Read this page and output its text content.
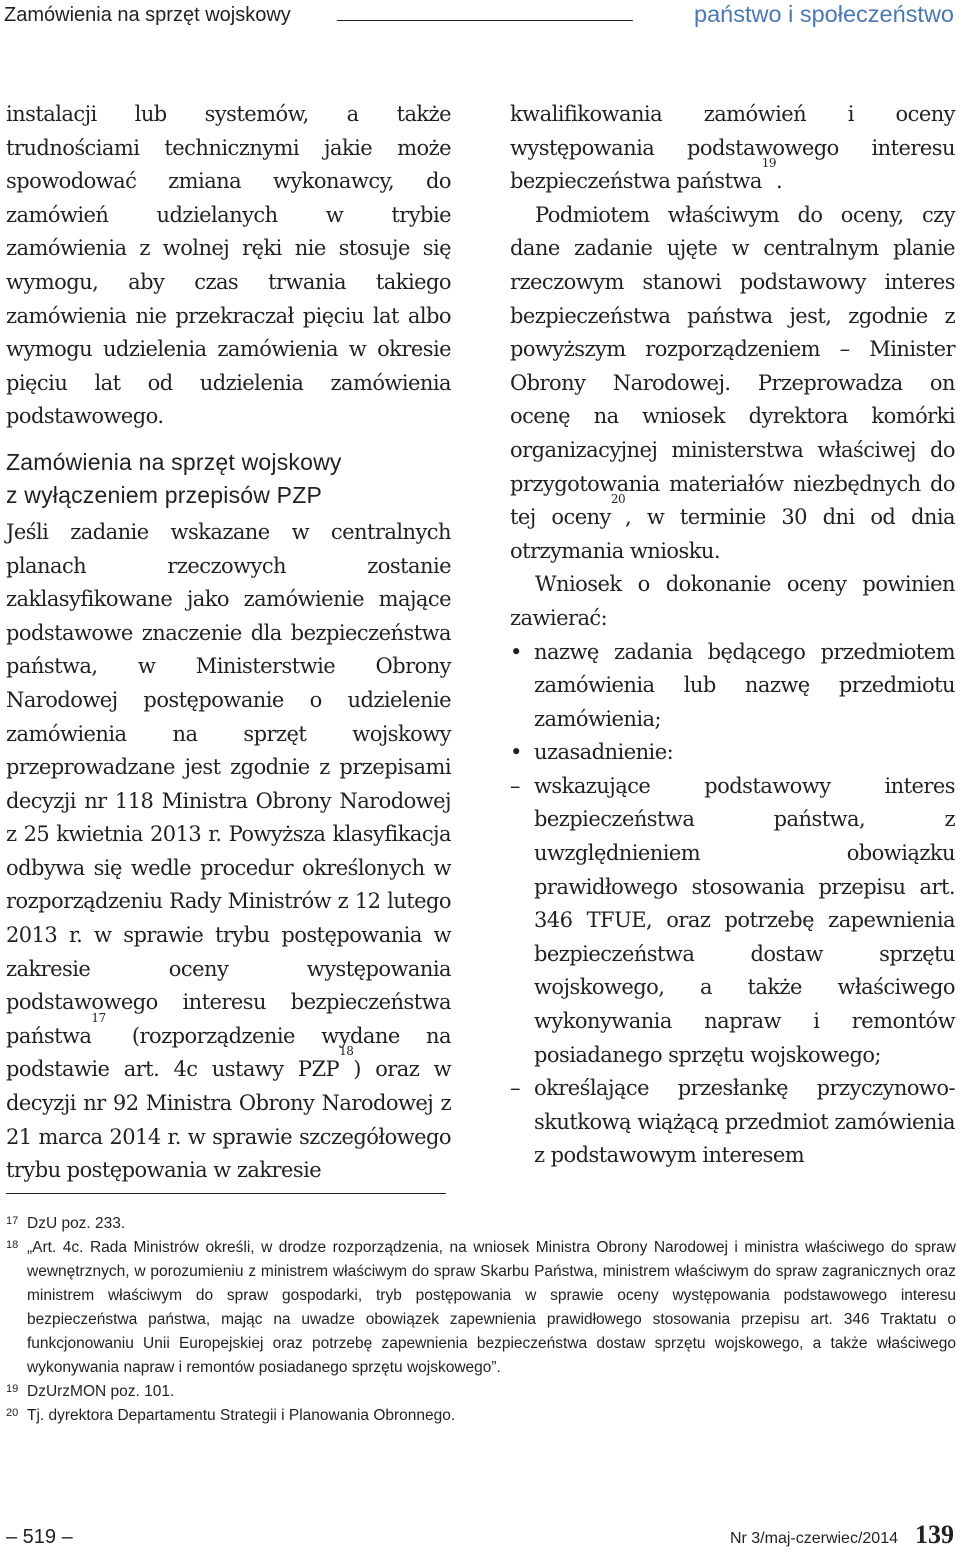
Zamówienia na sprzęt wojskowy	państwo i społeczeństwo

instalacji lub systemów, a także trudnościami technicznymi jakie może spowodować zmiana wykonawcy, do zamówień udzielanych w trybie zamówienia z wolnej ręki nie stosuje się wymogu, aby czas trwania takiego zamówienia nie przekraczał pięciu lat albo wymogu udzielenia zamówienia w okresie pięciu lat od udzielenia zamówienia podstawowego.

Zamówienia na sprzęt wojskowy
z wyłączeniem przepisów PZP

Jeśli zadanie wskazane w centralnych planach rzeczowych zostanie zaklasyfikowane jako zamówienie mające podstawowe znaczenie dla bezpieczeństwa państwa, w Ministerstwie Obrony Narodowej postępowanie o udzielenie zamówienia na sprzęt wojskowy przeprowadzane jest zgodnie z przepisami decyzji nr 118 Ministra Obrony Narodowej z 25 kwietnia 2013 r. Powyższa klasyfikacja odbywa się wedle procedur określonych w rozporządzeniu Rady Ministrów z 12 lutego 2013 r. w sprawie trybu postępowania w zakresie oceny występowania podstawowego interesu bezpieczeństwa państwa$^{17}$ (rozporządzenie wydane na podstawie art. 4c ustawy PZP$^{18}$) oraz w decyzji nr 92 Ministra Obrony Narodowej z 21 marca 2014 r. w sprawie szczegółowego trybu postępowania w zakresie

kwalifikowania zamówień i oceny występowania podstawowego interesu bezpieczeństwa państwa$^{19}$.

Podmiotem właściwym do oceny, czy dane zadanie ujęte w centralnym planie rzeczowym stanowi podstawowy interes bezpieczeństwa państwa jest, zgodnie z powyższym rozporządzeniem – Minister Obrony Narodowej. Przeprowadza on ocenę na wniosek dyrektora komórki organizacyjnej ministerstwa właściwej do przygotowania materiałów niezbędnych do tej oceny$^{20}$, w terminie 30 dni od dnia otrzymania wniosku.

Wniosek o dokonanie oceny powinien zawierać:

• nazwę zadania będącego przedmiotem zamówienia lub nazwę przedmiotu zamówienia;
• uzasadnienie:
– wskazujące podstawowy interes bezpieczeństwa państwa, z uwzględnieniem obowiązku prawidłowego stosowania przepisu art. 346 TFUE, oraz potrzebę zapewnienia bezpieczeństwa dostaw sprzętu wojskowego, a także właściwego wykonywania napraw i remontów posiadanego sprzętu wojskowego;
– określające przesłankę przyczynowo-skutkową wiążącą przedmiot zamówienia z podstawowym interesem
17 DzU poz. 233.
18 „Art. 4c. Rada Ministrów określi, w drodze rozporządzenia, na wniosek Ministra Obrony Narodowej i ministra właściwego do spraw wewnętrznych, w porozumieniu z ministrem właściwym do spraw Skarbu Państwa, ministrem właściwym do spraw zagranicznych oraz ministrem właściwym do spraw gospodarki, tryb postępowania w sprawie oceny występowania podstawowego interesu bezpieczeństwa państwa, mając na uwadze obowiązek zapewnienia prawidłowego stosowania przepisu art. 346 Traktatu o funkcjonowaniu Unii Europejskiej oraz potrzebę zapewnienia bezpieczeństwa dostaw sprzętu wojskowego, a także właściwego wykonywania napraw i remontów posiadanego sprzętu wojskowego”.
19 DzUrzMON poz. 101.
20 Tj. dyrektora Departamentu Strategii i Planowania Obronnego.
– 519 –	Nr 3/maj-czerwiec/2014 139
